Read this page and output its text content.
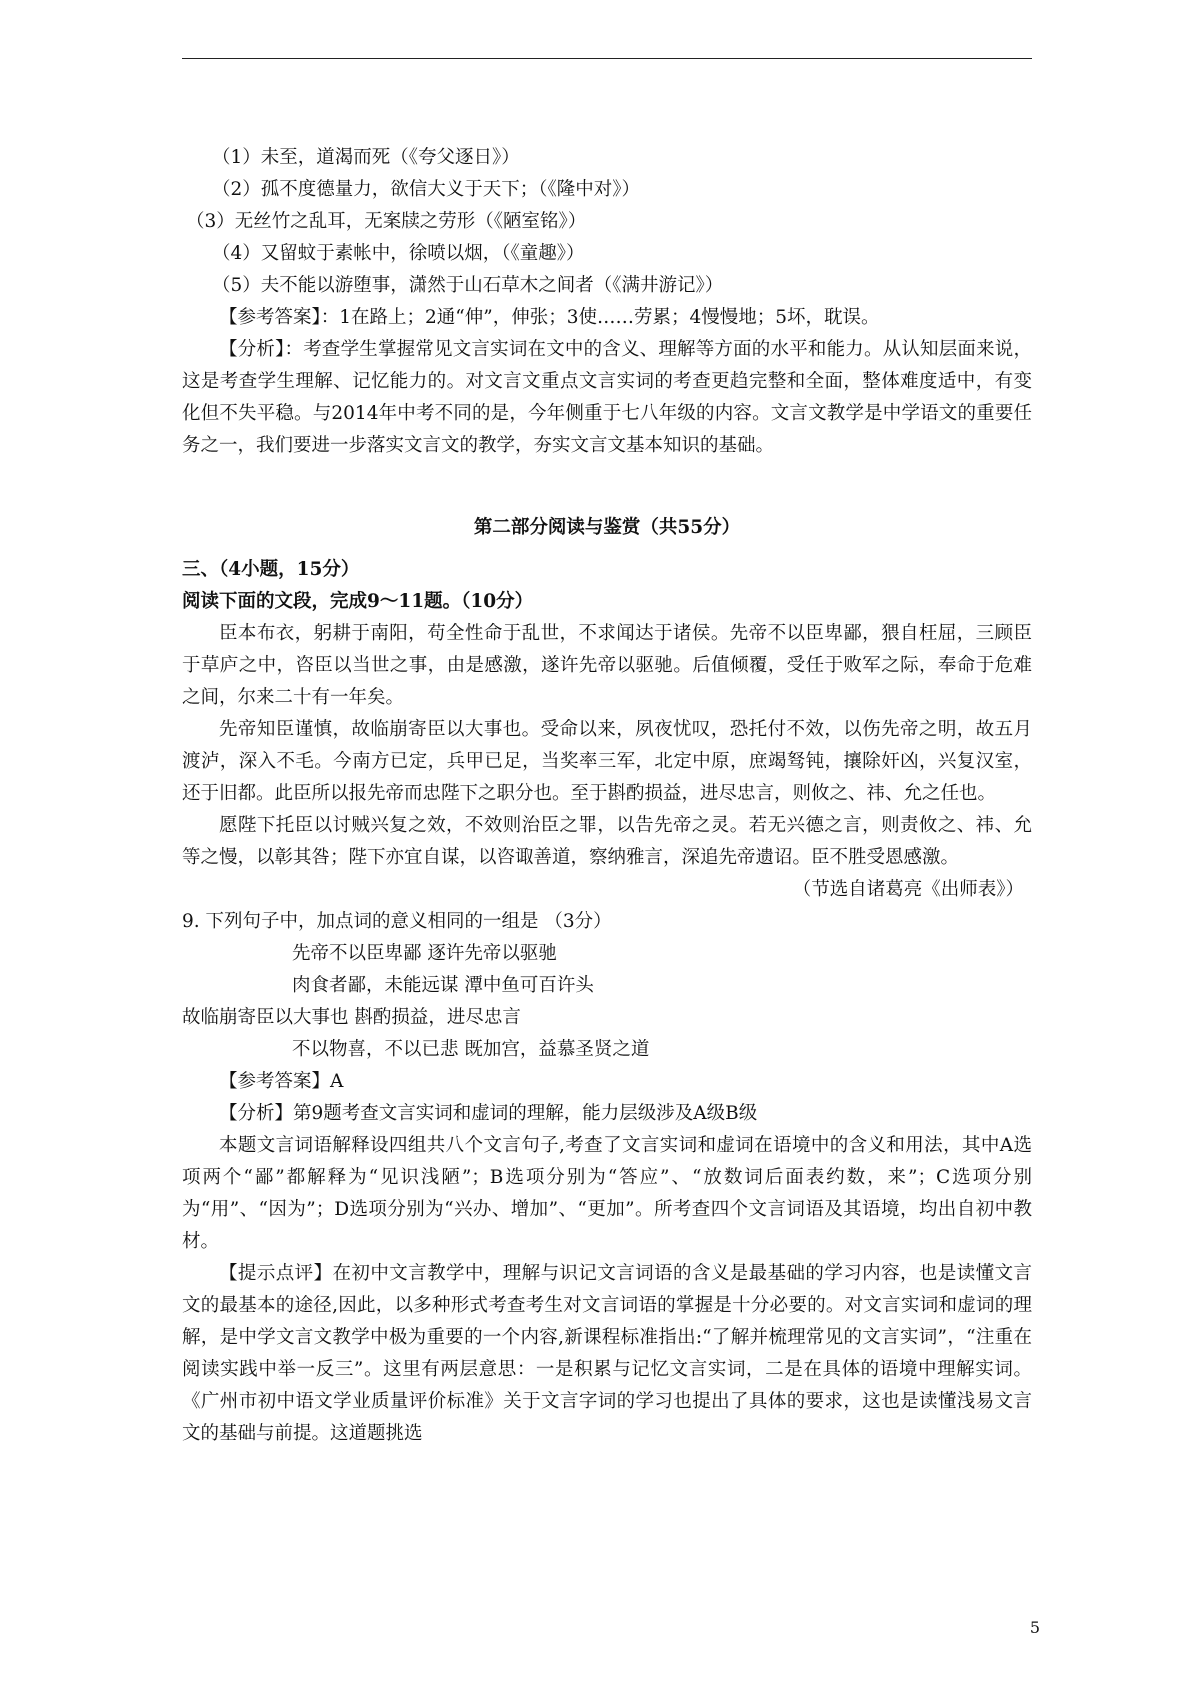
（1）未至，道渴而死（《夸父逐日》）

（2）孤不度德量力，欲信大义于天下；（《隆中对》）

（3）无丝竹之乱耳，无案牍之劳形（《陋室铭》）

（4）又留蚊于素帐中，徐喷以烟，（《童趣》）

（5）夫不能以游堕事，潇然于山石草木之间者（《满井游记》）

【参考答案】：1在路上；2通“伸”，伸张；3使……劳累；4慢慢地；5坏，耽误。

【分析】：考查学生掌握常见文言实词在文中的含义、理解等方面的水平和能力。从认知层面来说，这是考查学生理解、记忆能力的。对文言文重点文言实词的考查更趋完整和全面，整体难度适中，有变化但不失平稳。与2014年中考不同的是，今年侧重于七八年级的内容。文言文教学是中学语文的重要任务之一，我们要进一步落实文言文的教学，夯实文言文基本知识的基础。

第二部分阅读与鉴赏（共55分）

三、（4小题，15分）

阅读下面的文段，完成9～11题。（10分）

臣本布衣，躬耕于南阳，苟全性命于乱世，不求闻达于诸侯。先帝不以臣卑鄙，猥自枉屈，三顾臣于草庐之中，咨臣以当世之事，由是感激，遂许先帝以驱驰。后值倾覆，受任于败军之际，奉命于危难之间，尔来二十有一年矣。

先帝知臣谨慎，故临崩寄臣以大事也。受命以来，夙夜忧叹，恐托付不效，以伤先帝之明，故五月渡泸，深入不毛。今南方已定，兵甲已足，当奖率三军，北定中原，庶竭驽钝，攘除奸凶，兴复汉室，还于旧都。此臣所以报先帝而忠陛下之职分也。至于斟酌损益，进尽忠言，则攸之、祎、允之任也。

愿陛下托臣以讨贼兴复之效，不效则治臣之罪，以告先帝之灵。若无兴德之言，则责攸之、祎、允等之慢，以彰其咎；陛下亦宜自谋，以咨诹善道，察纳雅言，深追先帝遗诏。臣不胜受恩感激。

（节选自诸葛亮《出师表》）

9. 下列句子中，加点词的意义相同的一组是 （3分）

先帝不以臣卑鄙 逐许先帝以驱驰

肉食者鄙，未能远谋 潭中鱼可百许头

故临崩寄臣以大事也 斟酌损益，进尽忠言

不以物喜，不以已悲 既加宫，益慕圣贤之道

【参考答案】A

【分析】第9题考查文言实词和虚词的理解，能力层级涉及A级B级

本题文言词语解释设四组共八个文言句子,考查了文言实词和虚词在语境中的含义和用法，其中A选项两个“鄙”都解释为“见识浅陋”；B选项分别为“答应”、“放数词后面表约数，来”；C选项分别为“用”、“因为”；D选项分别为“兴办、增加”、“更加”。所考查四个文言词语及其语境，均出自初中教材。

【提示点评】在初中文言教学中，理解与识记文言词语的含义是最基础的学习内容，也是读懂文言文的最基本的途径,因此，以多种形式考查考生对文言词语的掌握是十分必要的。对文言实词和虚词的理解，是中学文言文教学中极为重要的一个内容,新课程标准指出:“了解并梳理常见的文言实词”，“注重在阅读实践中举一反三”。这里有两层意思：一是积累与记忆文言实词，二是在具体的语境中理解实词。《广州市初中语文学业质量评价标准》关于文言字词的学习也提出了具体的要求，这也是读懂浅易文言文的基础与前提。这道题挑选

5
